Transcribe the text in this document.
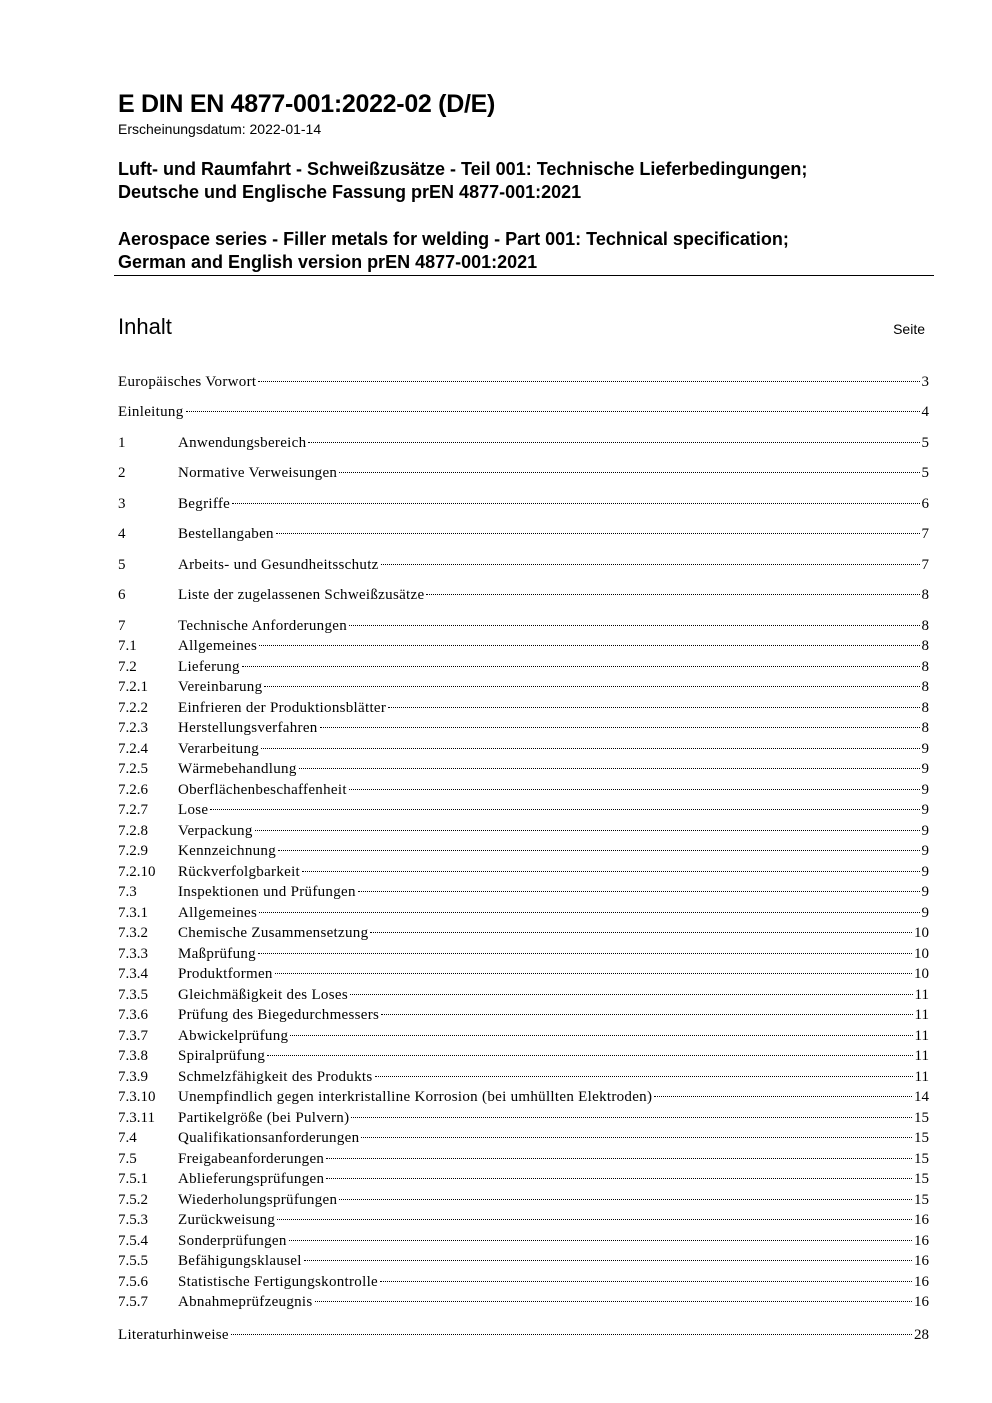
E DIN EN 4877-001:2022-02 (D/E)
Erscheinungsdatum: 2022-01-14
Luft- und Raumfahrt - Schweißzusätze - Teil 001: Technische Lieferbedingungen;
Deutsche und Englische Fassung prEN 4877-001:2021
Aerospace series - Filler metals for welding - Part 001: Technical specification;
German and English version prEN 4877-001:2021
Inhalt	Seite
Europäisches Vorwort	3
Einleitung	4
1	Anwendungsbereich	5
2	Normative Verweisungen	5
3	Begriffe	6
4	Bestellangaben	7
5	Arbeits- und Gesundheitsschutz	7
6	Liste der zugelassenen Schweißzusätze	8
7	Technische Anforderungen	8
7.1	Allgemeines	8
7.2	Lieferung	8
7.2.1	Vereinbarung	8
7.2.2	Einfrieren der Produktionsblätter	8
7.2.3	Herstellungsverfahren	8
7.2.4	Verarbeitung	9
7.2.5	Wärmebehandlung	9
7.2.6	Oberflächenbeschaffenheit	9
7.2.7	Lose	9
7.2.8	Verpackung	9
7.2.9	Kennzeichnung	9
7.2.10	Rückverfolgbarkeit	9
7.3	Inspektionen und Prüfungen	9
7.3.1	Allgemeines	9
7.3.2	Chemische Zusammensetzung	10
7.3.3	Maßprüfung	10
7.3.4	Produktformen	10
7.3.5	Gleichmäßigkeit des Loses	11
7.3.6	Prüfung des Biegedurchmessers	11
7.3.7	Abwickelprüfung	11
7.3.8	Spiralprüfung	11
7.3.9	Schmelzfähigkeit des Produkts	11
7.3.10	Unempfindlich gegen interkristalline Korrosion (bei umhüllten Elektroden)	14
7.3.11	Partikelgröße (bei Pulvern)	15
7.4	Qualifikationsanforderungen	15
7.5	Freigabeanforderungen	15
7.5.1	Ablieferungsprüfungen	15
7.5.2	Wiederholungsprüfungen	15
7.5.3	Zurückweisung	16
7.5.4	Sonderprüfungen	16
7.5.5	Befähigungsklausel	16
7.5.6	Statistische Fertigungskontrolle	16
7.5.7	Abnahmeprüfzeugnis	16
Literaturhinweise	28
